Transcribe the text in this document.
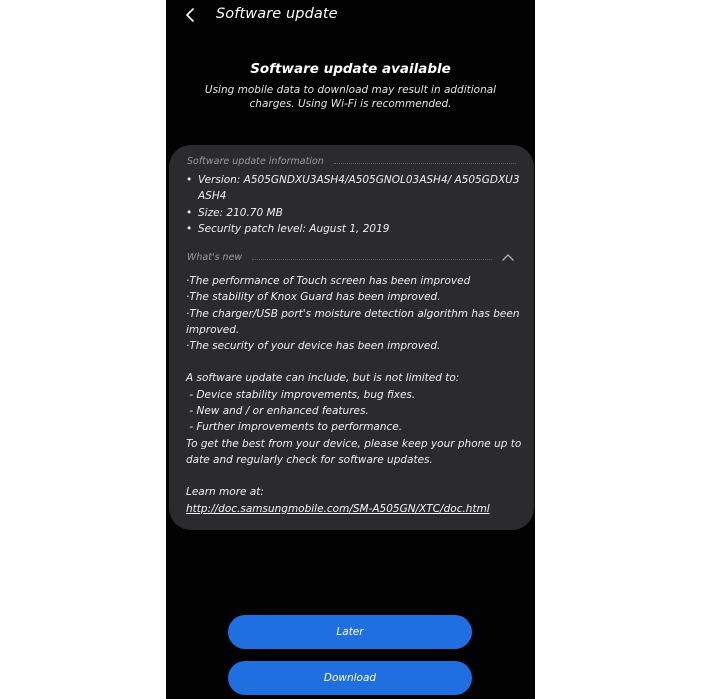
Software update
Software update available
Using mobile data to download may result in additional charges. Using Wi-Fi is recommended.
Software update information
• Version: A505GNDXU3ASH4/A505GNOL03ASH4/ A505GDXU3ASH4
• Size: 210.70 MB
• Security patch level: August 1, 2019
What's new

·The performance of Touch screen has been improved

·The stability of Knox Guard has been improved.

·The charger/USB port's moisture detection algorithm has been improved.

·The security of your device has been improved.

A software update can include, but is not limited to:

- Device stability improvements, bug fixes.

- New and / or enhanced features.

- Further improvements to performance.

To get the best from your device, please keep your phone up to date and regularly check for software updates.

Learn more at:

http://doc.samsungmobile.com/SM-A505GN/XTC/doc.html

Later
Download
